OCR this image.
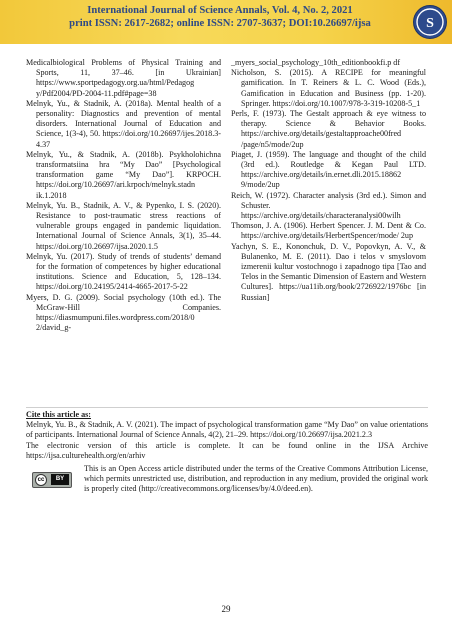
International Journal of Science Annals, Vol. 4, No. 2, 2021
print ISSN: 2617-2682; online ISSN: 2707-3637; DOI:10.26697/ijsa	S
Medicalbiological Problems of Physical Training and Sports, 11, 37–46. [in Ukrainian] https://www.sportpedagogy.org.ua/html/Pedagog y/Pdf2004/PD-2004-11.pdf#page=38
Melnyk, Yu., & Stadnik, A. (2018a). Mental health of a personality: Diagnostics and prevention of mental disorders. International Journal of Education and Science, 1(3-4), 50. https://doi.org/10.26697/ijes.2018.3-4.37
Melnyk, Yu., & Stadnik, A. (2018b). Psykholohichna transformatsiina hra “My Dao” [Psychological transformation game “My Dao”]. KRPOCH. https://doi.org/10.26697/ari.krpoch/melnyk.stadn ik.1.2018
Melnyk, Yu. B., Stadnik, A. V., & Pypenko, I. S. (2020). Resistance to post-traumatic stress reactions of vulnerable groups engaged in pandemic liquidation. International Journal of Science Annals, 3(1), 35–44. https://doi.org/10.26697/ijsa.2020.1.5
Melnyk, Yu. (2017). Study of trends of students’ demand for the formation of competences by higher educational institutions. Science and Education, 5, 128–134. https://doi.org/10.24195/2414-4665-2017-5-22
Myers, D. G. (2009). Social psychology (10th ed.). The McGraw-Hill Companies. https://diasmumpuni.files.wordpress.com/2018/0 2/david_g-
_myers_social_psychology_10th_editionbookfi.p df
Nicholson, S. (2015). A RECIPE for meaningful gamification. In T. Reiners & L. C. Wood (Eds.), Gamification in Education and Business (pp. 1-20). Springer. https://doi.org/10.1007/978-3-319-10208-5_1
Perls, F. (1973). The Gestalt approach & eye witness to therapy. Science & Behavior Books. https://archive.org/details/gestaltapproache00fred /page/n5/mode/2up
Piaget, J. (1959). The language and thought of the child (3rd ed.). Routledge & Kegan Paul LTD. https://archive.org/details/in.ernet.dli.2015.18862 9/mode/2up
Reich, W. (1972). Character analysis (3rd ed.). Simon and Schuster. https://archive.org/details/characteranalysi00wilh
Thomson, J. A. (1906). Herbert Spencer. J. M. Dent & Co. https://archive.org/details/HerbertSpencer/mode/ 2up
Yachyn, S. E., Kononchuk, D. V., Popovkyn, A. V., & Bulanenko, M. E. (2011). Dao i telos v smyslovom izmerenii kultur vostochnogo i zapadnogo tipa [Tao and Telos in the Semantic Dimension of Eastern and Western Cultures]. https://ua11ib.org/book/2726922/1976bc [in Russian]
Cite this article as:
Melnyk, Yu. B., & Stadnik, A. V. (2021). The impact of psychological transformation game “My Dao” on value orientations of participants. International Journal of Science Annals, 4(2), 21–29. https://doi.org/10.26697/ijsa.2021.2.3
The electronic version of this article is complete. It can be found online in the IJSA Archive https://ijsa.culturehealth.org/en/arhiv
cc	BY
This is an Open Access article distributed under the terms of the Creative Commons Attribution License, which permits unrestricted use, distribution, and reproduction in any medium, provided the original work is properly cited (http://creativecommons.org/licenses/by/4.0/deed.en).
29
